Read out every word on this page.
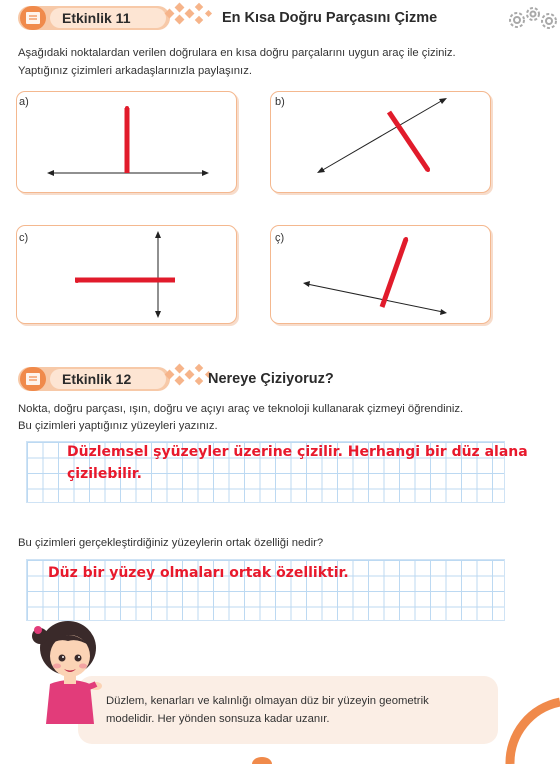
Etkinlik 11	En Kısa Doğru Parçasını Çizme
Aşağıdaki noktalardan verilen doğrulara en kısa doğru parçalarını uygun araç ile çiziniz.
Yaptığınız çizimleri arkadaşlarınızla paylaşınız.
a)	b)
c)	ç)
Etkinlik 12	Nereye Çiziyoruz?
Nokta, doğru parçası, ışın, doğru ve açıyı araç ve teknoloji kullanarak çizmeyi öğrendiniz.
Bu çizimleri yaptığınız yüzeyleri yazınız.
Düzlemsel şyüzeyler üzerine çizilir. Herhangi bir düz alana
çizilebilir.
Bu çizimleri gerçekleştirdiğiniz yüzeylerin ortak özelliği nedir?
Düz bir yüzey olmaları ortak özelliktir.
Düzlem, kenarları ve kalınlığı olmayan düz bir yüzeyin geometrik
modelidir. Her yönden sonsuza kadar uzanır.
